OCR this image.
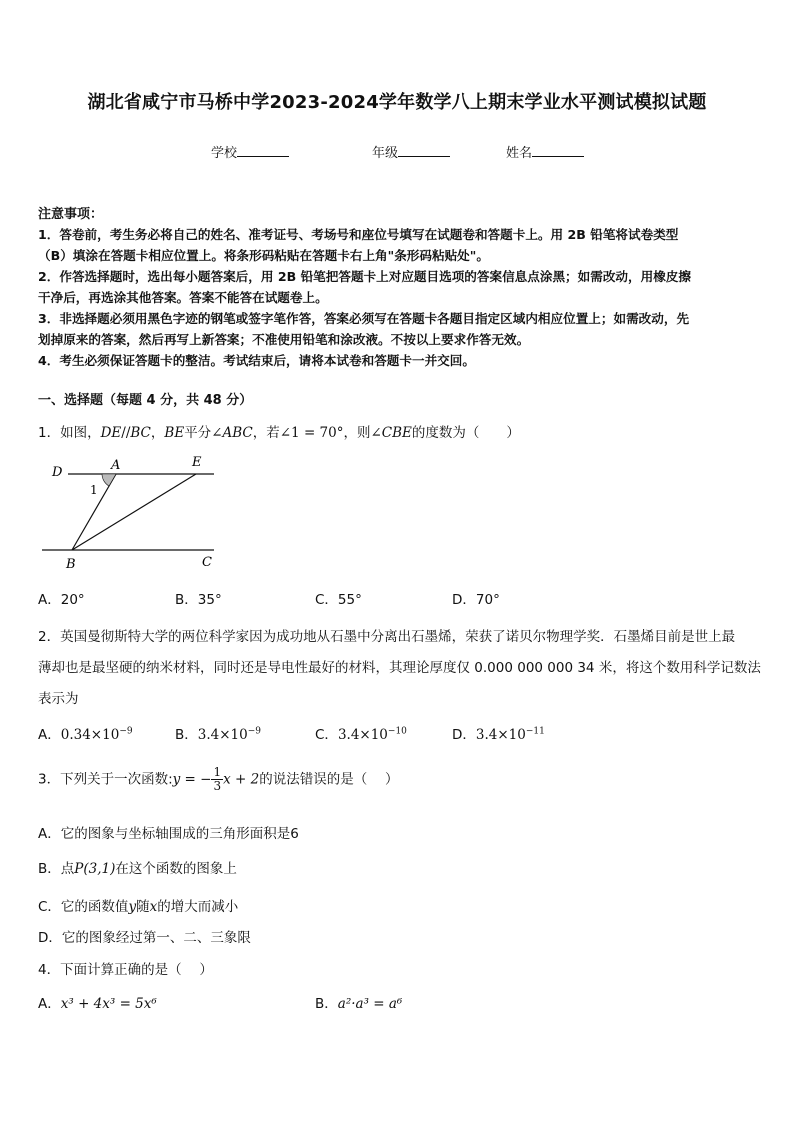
湖北省咸宁市马桥中学2023-2024学年数学八上期末学业水平测试模拟试题
学校	年级	姓名
注意事项：
1．答卷前，考生务必将自己的姓名、准考证号、考场号和座位号填写在试题卷和答题卡上。用 2B 铅笔将试卷类型
（B）填涂在答题卡相应位置上。将条形码粘贴在答题卡右上角"条形码粘贴处"。
2．作答选择题时，选出每小题答案后，用 2B 铅笔把答题卡上对应题目选项的答案信息点涂黑；如需改动，用橡皮擦
干净后，再选涂其他答案。答案不能答在试题卷上。
3．非选择题必须用黑色字迹的钢笔或签字笔作答，答案必须写在答题卡各题目指定区域内相应位置上；如需改动，先
划掉原来的答案，然后再写上新答案；不准使用铅笔和涂改液。不按以上要求作答无效。
4．考生必须保证答题卡的整洁。考试结束后，请将本试卷和答题卡一并交回。
一、选择题（每题 4 分，共 48 分）
1．如图，DE//BC，BE平分∠ABC，若∠1 = 70°，则∠CBE的度数为（　　）
D	A	E
1
B	C
A．20°	B．35°	C．55°	D．70°
2．英国曼彻斯特大学的两位科学家因为成功地从石墨中分离出石墨烯，荣获了诺贝尔物理学奖．石墨烯目前是世上最
薄却也是最坚硬的纳米材料，同时还是导电性最好的材料，其理论厚度仅 0.000 000 000 34 米，将这个数用科学记数法
表示为
A．$0.34\times 10^{-9}$	B．$3.4\times 10^{-9}$	C．$3.4\times 10^{-10}$	D．$3.4\times 10^{-11}$
3．下列关于一次函数:y = − $\frac{1}{3}$ x + 2的说法错误的是（　 ）
A．它的图象与坐标轴围成的三角形面积是6
B．点P(3,1)在这个函数的图象上
C．它的函数值y随x的增大而减小
D．它的图象经过第一、二、三象限
4．下面计算正确的是（　 ）
A．x³ + 4x³ = 5x⁶	B．a²·a³ = a⁶
